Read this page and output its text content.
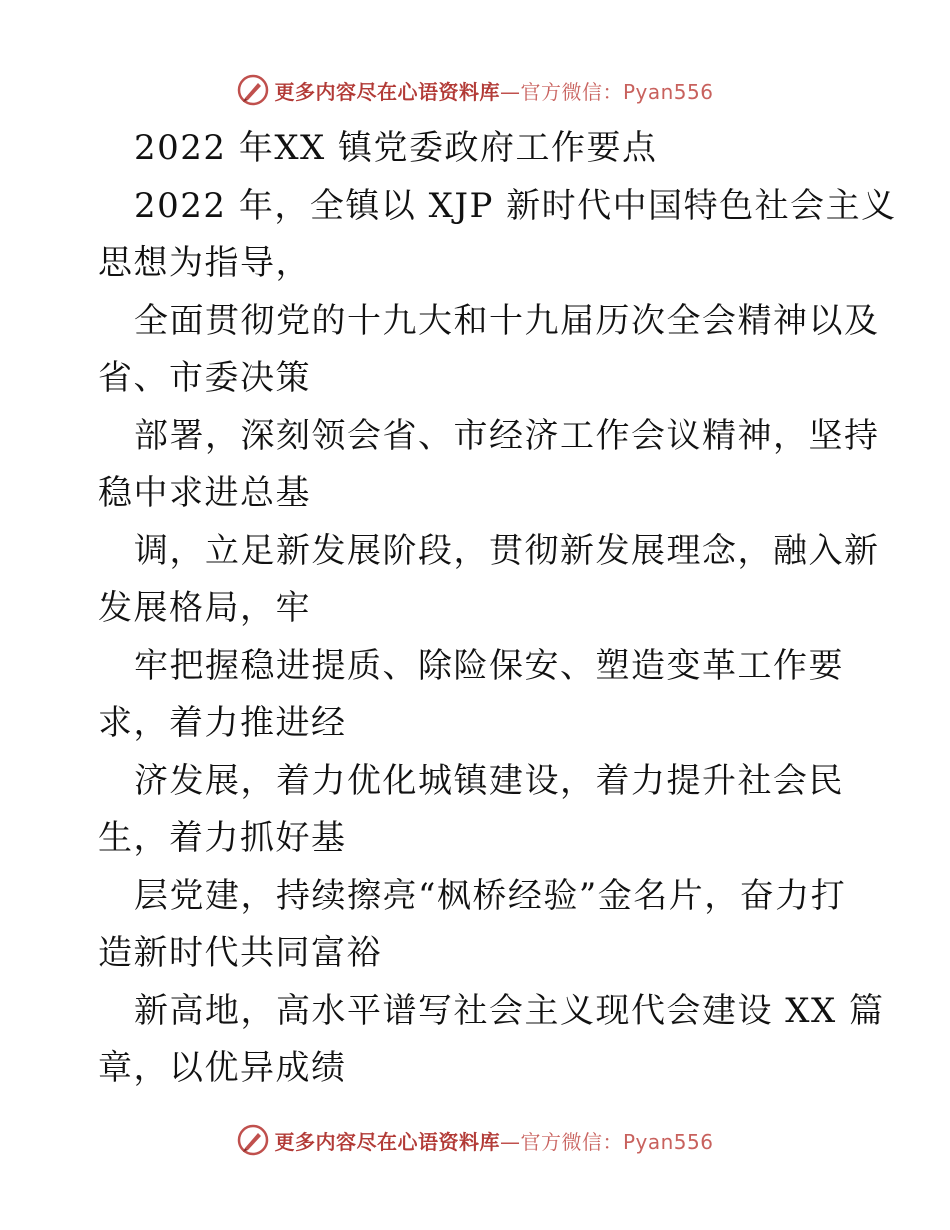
更多内容尽在心语资料库—官方微信：Pyan556
2022 年XX 镇党委政府工作要点
2022 年，全镇以 XJP 新时代中国特色社会主义
思想为指导，
全面贯彻党的十九大和十九届历次全会精神以及
省、市委决策
部署，深刻领会省、市经济工作会议精神，坚持
稳中求进总基
调，立足新发展阶段，贯彻新发展理念，融入新
发展格局，牢
牢把握稳进提质、除险保安、塑造变革工作要
求，着力推进经
济发展，着力优化城镇建设，着力提升社会民
生，着力抓好基
层党建，持续擦亮“枫桥经验”金名片，奋力打
造新时代共同富裕
新高地，高水平谱写社会主义现代会建设 XX 篇
章，以优异成绩
更多内容尽在心语资料库—官方微信：Pyan556
